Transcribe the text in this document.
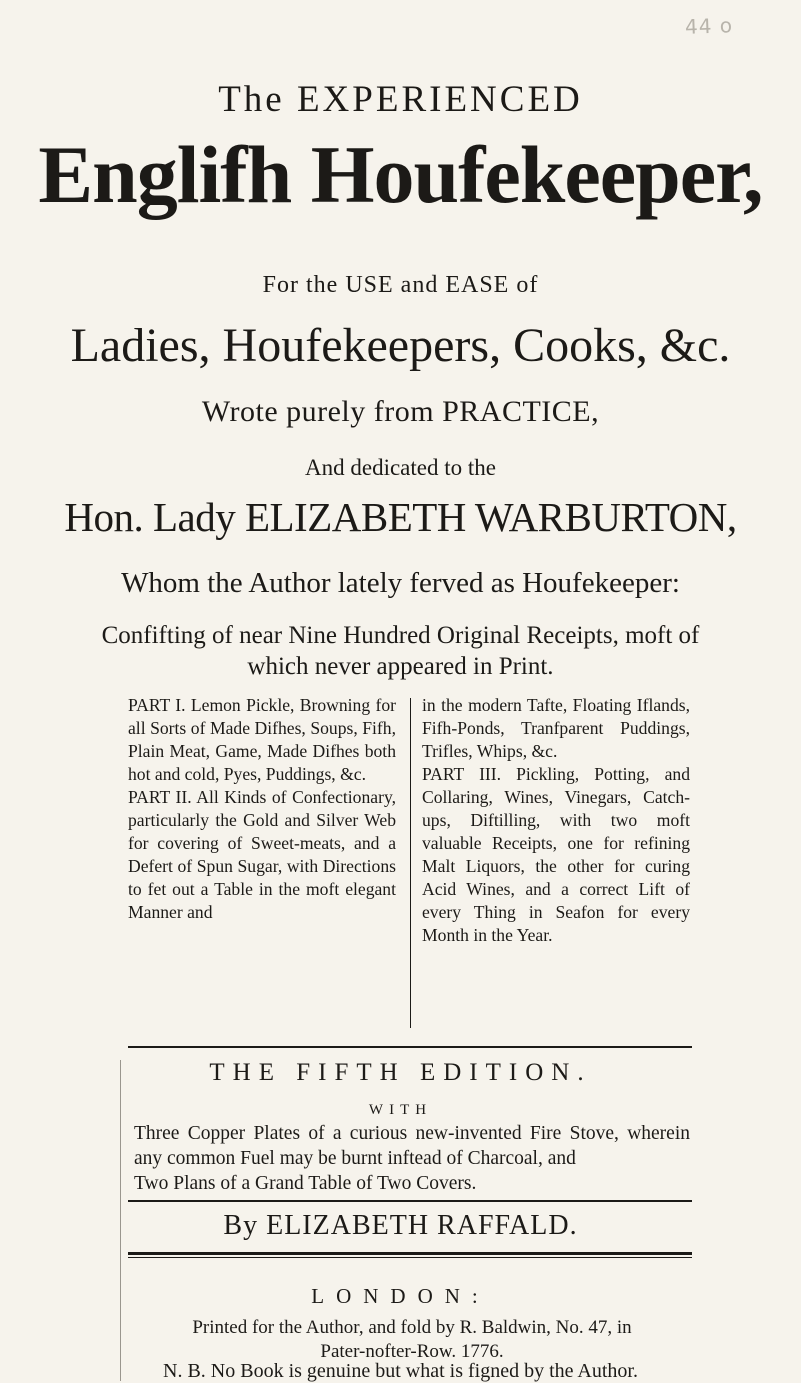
44 o
The EXPERIENCED
Englifh Houfekeeper,
For the USE and EASE of
Ladies, Houfekeepers, Cooks, &c.
Wrote purely from PRACTICE,
And dedicated to the
Hon. Lady ELIZABETH WARBURTON,
Whom the Author lately ferved as Houfekeeper:
Confifting of near Nine Hundred Original Receipts, moft of
which never appeared in Print.

PART I. Lemon Pickle, Browning for all Sorts of Made Difhes, Soups, Fifh, Plain Meat, Game, Made Difhes both hot and cold, Pyes, Puddings, &c.

PART II. All Kinds of Confectionary, particularly the Gold and Silver Web for covering of Sweet-meats, and a Defert of Spun Sugar, with Directions to fet out a Table in the moft elegant Manner and

in the modern Tafte, Floating Iflands, Fifh-Ponds, Tranfparent Puddings, Trifles, Whips, &c.

PART III. Pickling, Potting, and Collaring, Wines, Vinegars, Catch-ups, Diftilling, with two moft valuable Receipts, one for refining Malt Liquors, the other for curing Acid Wines, and a correct Lift of every Thing in Seafon for every Month in the Year.

THE FIFTH EDITION.
WITH
Three Copper Plates of a curious new-invented Fire Stove, wherein any common Fuel may be burnt inftead of Charcoal, and
Two Plans of a Grand Table of Two Covers.
By ELIZABETH RAFFALD.
LONDON:
Printed for the Author, and fold by R. Baldwin, No. 47, in
Pater-nofter-Row. 1776.
N. B. No Book is genuine but what is figned by the Author.
